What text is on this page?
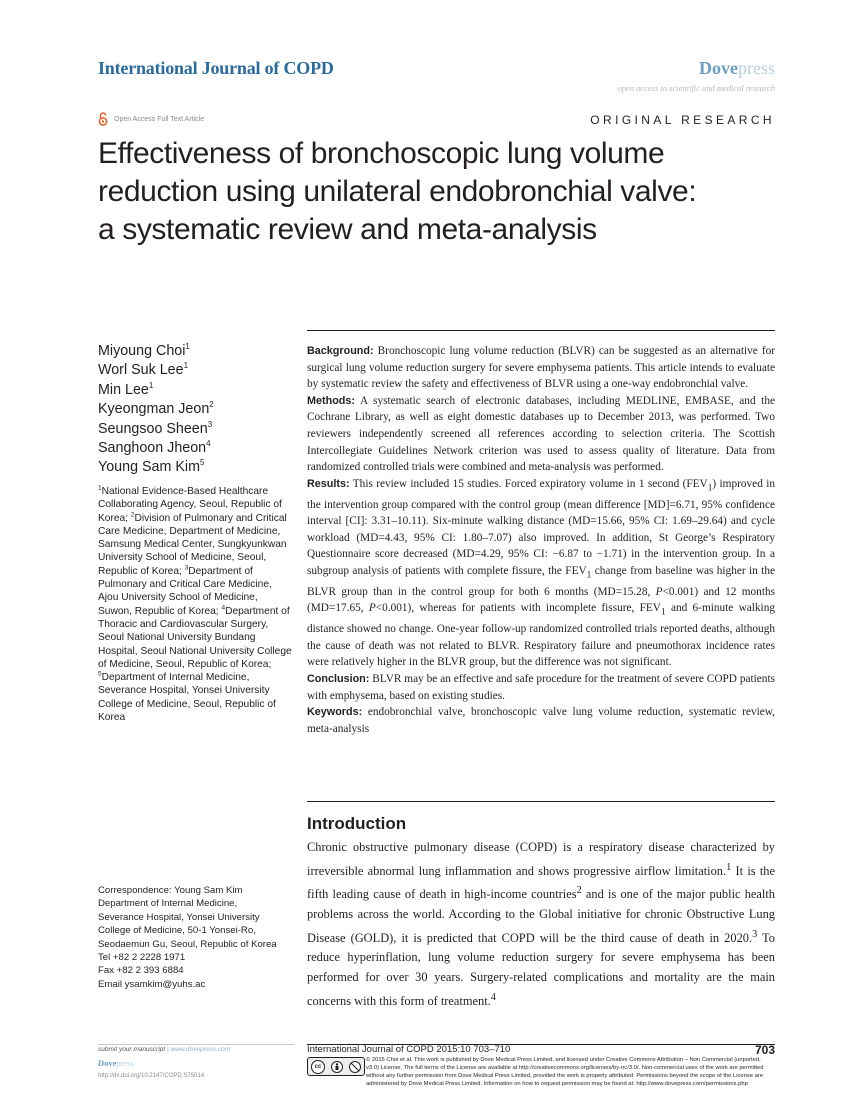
International Journal of COPD	Dovepress
open access to scientific and medical research
Open Access Full Text Article	ORIGINAL RESEARCH
Effectiveness of bronchoscopic lung volume
reduction using unilateral endobronchial valve:
a systematic review and meta-analysis
Miyoung Choi$^1$
Worl Suk Lee$^1$
Min Lee$^1$
Kyeongman Jeon$^2$
Seungsoo Sheen$^3$
Sanghoon Jheon$^4$
Young Sam Kim$^5$
$^1$National Evidence-Based Healthcare Collaborating Agency, Seoul, Republic of Korea; $^2$Division of Pulmonary and Critical Care Medicine, Department of Medicine, Samsung Medical Center, Sungkyunkwan University School of Medicine, Seoul, Republic of Korea; $^3$Department of Pulmonary and Critical Care Medicine, Ajou University School of Medicine, Suwon, Republic of Korea; $^4$Department of Thoracic and Cardiovascular Surgery, Seoul National University Bundang Hospital, Seoul National University College of Medicine, Seoul, Republic of Korea; $^5$Department of Internal Medicine, Severance Hospital, Yonsei University College of Medicine, Seoul, Republic of Korea
Correspondence: Young Sam Kim
Department of Internal Medicine,
Severance Hospital, Yonsei University
College of Medicine, 50-1 Yonsei-Ro,
Seodaemun Gu, Seoul, Republic of Korea
Tel +82 2 2228 1971
Fax +82 2 393 6884
Email ysamkim@yuhs.ac

Background: Bronchoscopic lung volume reduction (BLVR) can be suggested as an alternative for surgical lung volume reduction surgery for severe emphysema patients. This article intends to evaluate by systematic review the safety and effectiveness of BLVR using a one-way endobronchial valve.

Methods: A systematic search of electronic databases, including MEDLINE, EMBASE, and the Cochrane Library, as well as eight domestic databases up to December 2013, was performed. Two reviewers independently screened all references according to selection criteria. The Scottish Intercollegiate Guidelines Network criterion was used to assess quality of literature. Data from randomized controlled trials were combined and meta-analysis was performed.

Results: This review included 15 studies. Forced expiratory volume in 1 second $(FEV_1)$ improved in the intervention group compared with the control group (mean difference [MD]=6.71, 95% confidence interval [CI]: 3.31–10.11). Six-minute walking distance (MD=15.66, 95% CI: 1.69–29.64) and cycle workload (MD=4.43, 95% CI: 1.80–7.07) also improved. In addition, St George’s Respiratory Questionnaire score decreased (MD=4.29, 95% CI: −6.87 to −1.71) in the intervention group. In a subgroup analysis of patients with complete fissure, the $FEV_1$ change from baseline was higher in the BLVR group than in the control group for both 6 months (MD=15.28, P<0.001) and 12 months (MD=17.65, P<0.001), whereas for patients with incomplete fissure, $FEV_1$ and 6-minute walking distance showed no change. One-year follow-up randomized controlled trials reported deaths, although the cause of death was not related to BLVR. Respiratory failure and pneumothorax incidence rates were relatively higher in the BLVR group, but the difference was not significant.

Conclusion: BLVR may be an effective and safe procedure for the treatment of severe COPD patients with emphysema, based on existing studies.

Keywords: endobronchial valve, bronchoscopic valve lung volume reduction, systematic review, meta-analysis

Introduction

Chronic obstructive pulmonary disease (COPD) is a respiratory disease characterized by irreversible abnormal lung inflammation and shows progressive airflow limitation.$^1$ It is the fifth leading cause of death in high-income countries$^2$ and is one of the major public health problems across the world. According to the Global initiative for chronic Obstructive Lung Disease (GOLD), it is predicted that COPD will be the third cause of death in 2020.$^3$ To reduce hyperinflation, lung volume reduction surgery for severe emphysema has been performed for over 30 years. Surgery-related complications and mortality are the main concerns with this form of treatment.$^4$

submit your manuscript | www.dovepress.com
Dovepress
http://dx.doi.org/10.2147/COPD.S75014
International Journal of COPD 2015:10 703–710	703
cc
© 2015 Choi et al. This work is published by Dove Medical Press Limited, and licensed under Creative Commons Attribution – Non Commercial (unported, v3.0) License. The full terms of the License are available at http://creativecommons.org/licenses/by-nc/3.0/. Non-commercial uses of the work are permitted without any further permission from Dove Medical Press Limited, provided the work is properly attributed. Permissions beyond the scope of the License are administered by Dove Medical Press Limited. Information on how to request permission may be found at: http://www.dovepress.com/permissions.php
